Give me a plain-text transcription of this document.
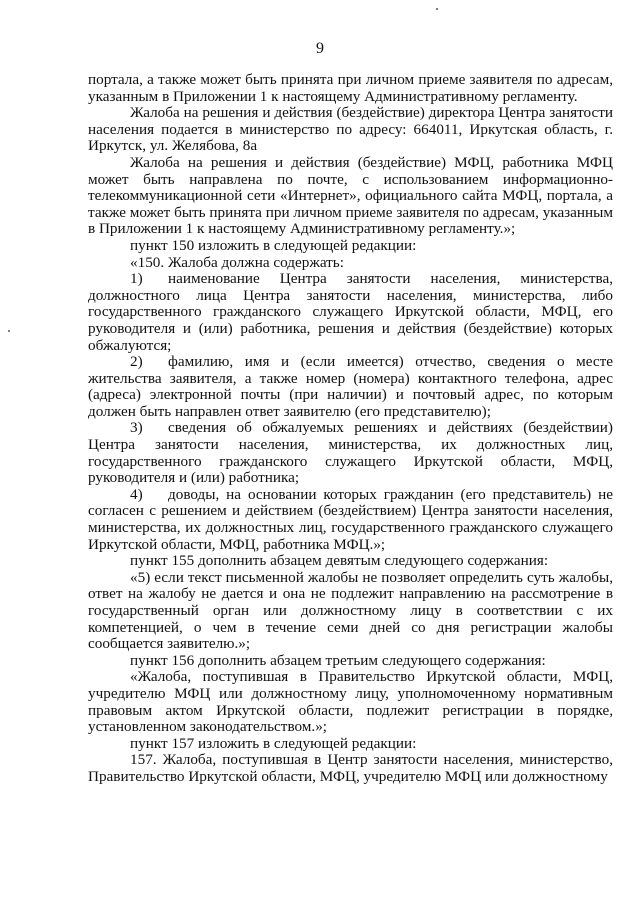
9

портала, а также может быть принята при личном приеме заявителя по адресам, указанным в Приложении 1 к настоящему Административному регламенту.

Жалоба на решения и действия (бездействие) директора Центра занятости населения подается в министерство по адресу: 664011, Иркутская область, г. Иркутск, ул. Желябова, 8а

Жалоба на решения и действия (бездействие) МФЦ, работника МФЦ может быть направлена по почте, с использованием информационно-телекоммуникационной сети «Интернет», официального сайта МФЦ, портала, а также может быть принята при личном приеме заявителя по адресам, указанным в Приложении 1 к настоящему Административному регламенту.»;

пункт 150 изложить в следующей редакции:

«150. Жалоба должна содержать:

1) наименование Центра занятости населения, министерства, должностного лица Центра занятости населения, министерства, либо государственного гражданского служащего Иркутской области, МФЦ, его руководителя и (или) работника, решения и действия (бездействие) которых обжалуются;

2) фамилию, имя и (если имеется) отчество, сведения о месте жительства заявителя, а также номер (номера) контактного телефона, адрес (адреса) электронной почты (при наличии) и почтовый адрес, по которым должен быть направлен ответ заявителю (его представителю);

3) сведения об обжалуемых решениях и действиях (бездействии) Центра занятости населения, министерства, их должностных лиц, государственного гражданского служащего Иркутской области, МФЦ, руководителя и (или) работника;

4) доводы, на основании которых гражданин (его представитель) не согласен с решением и действием (бездействием) Центра занятости населения, министерства, их должностных лиц, государственного гражданского служащего Иркутской области, МФЦ, работника МФЦ.»;

пункт 155 дополнить абзацем девятым следующего содержания:

«5) если текст письменной жалобы не позволяет определить суть жалобы, ответ на жалобу не дается и она не подлежит направлению на рассмотрение в государственный орган или должностному лицу в соответствии с их компетенцией, о чем в течение семи дней со дня регистрации жалобы сообщается заявителю.»;

пункт 156 дополнить абзацем третьим следующего содержания:

«Жалоба, поступившая в Правительство Иркутской области, МФЦ, учредителю МФЦ или должностному лицу, уполномоченному нормативным правовым актом Иркутской области, подлежит регистрации в порядке, установленном законодательством.»;

пункт 157 изложить в следующей редакции:

157. Жалоба, поступившая в Центр занятости населения, министерство, Правительство Иркутской области, МФЦ, учредителю МФЦ или должностному
